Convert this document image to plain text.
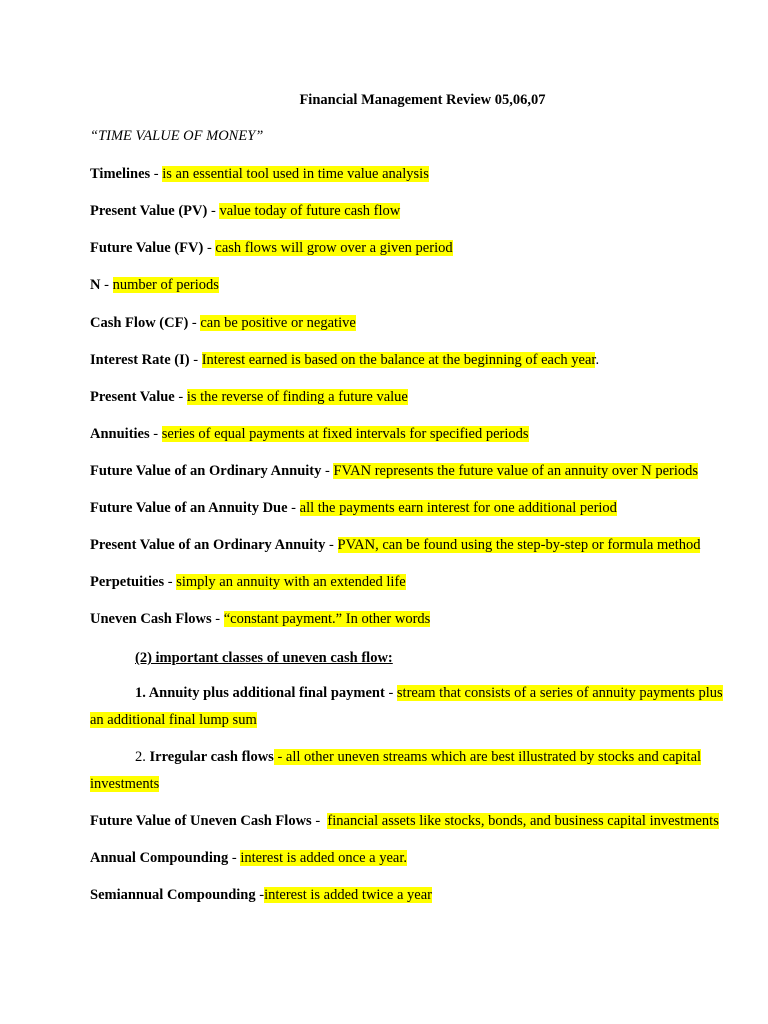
Financial Management Review 05,06,07
“TIME VALUE OF MONEY”
Timelines - is an essential tool used in time value analysis
Present Value (PV) - value today of future cash flow
Future Value (FV) - cash flows will grow over a given period
N - number of periods
Cash Flow (CF) - can be positive or negative
Interest Rate (I) - Interest earned is based on the balance at the beginning of each year.
Present Value - is the reverse of finding a future value
Annuities - series of equal payments at fixed intervals for specified periods
Future Value of an Ordinary Annuity - FVAN represents the future value of an annuity over N periods
Future Value of an Annuity Due - all the payments earn interest for one additional period
Present Value of an Ordinary Annuity - PVAN, can be found using the step-by-step or formula method
Perpetuities - simply an annuity with an extended life
Uneven Cash Flows - “constant payment.” In other words
(2) important classes of uneven cash flow:
1. Annuity plus additional final payment - stream that consists of a series of annuity payments plus
an additional final lump sum
2. Irregular cash flows - all other uneven streams which are best illustrated by stocks and capital
investments
Future Value of Uneven Cash Flows -  financial assets like stocks, bonds, and business capital investments
Annual Compounding - interest is added once a year.
Semiannual Compounding -interest is added twice a year
